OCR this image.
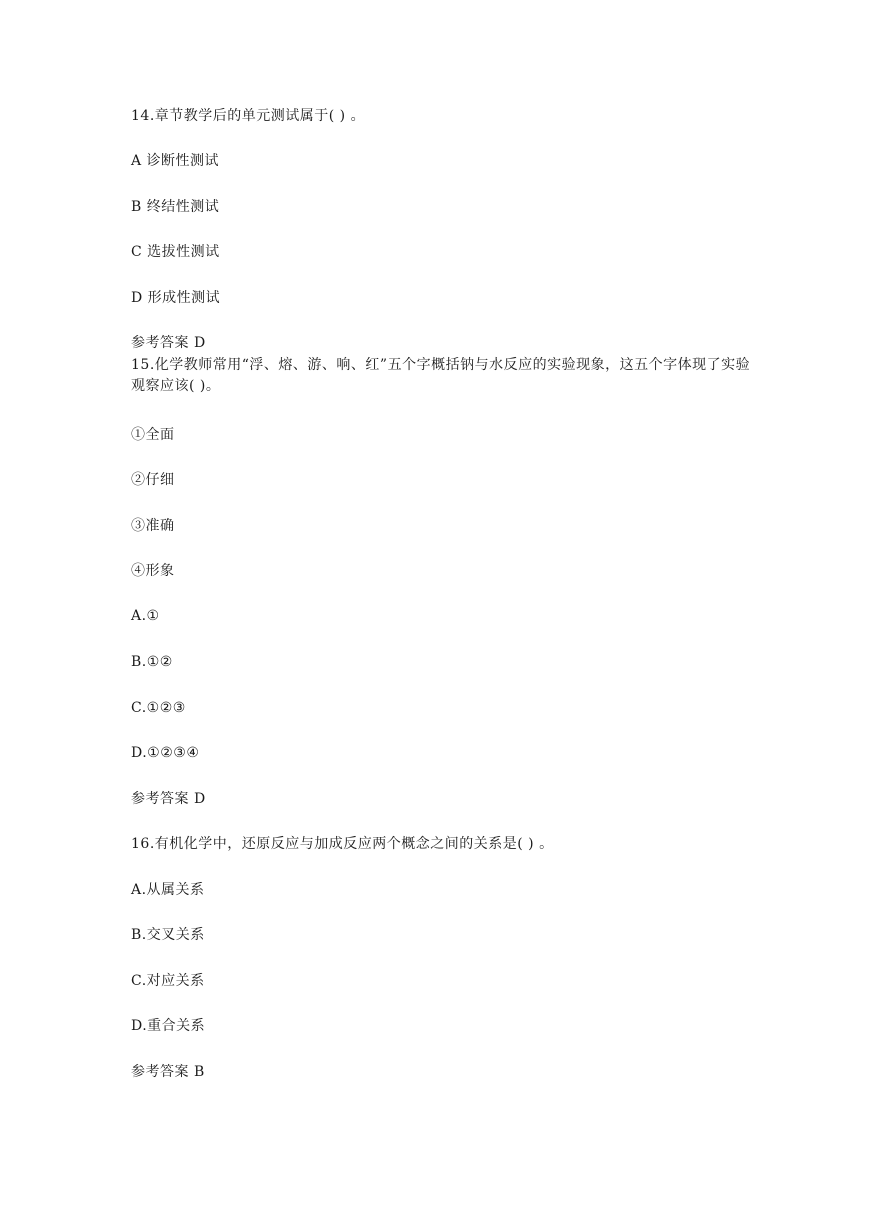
14.章节教学后的单元测试属于( ) 。
A 诊断性测试
B 终结性测试
C 选拔性测试
D 形成性测试
参考答案 D
15.化学教师常用“浮、熔、游、响、红”五个字概括钠与水反应的实验现象，这五个字体现了实验观察应该( )。
①全面
②仔细
③准确
④形象
A.①
B.①②
C.①②③
D.①②③④
参考答案 D
16.有机化学中，还原反应与加成反应两个概念之间的关系是( ) 。
A.从属关系
B.交叉关系
C.对应关系
D.重合关系
参考答案 B
